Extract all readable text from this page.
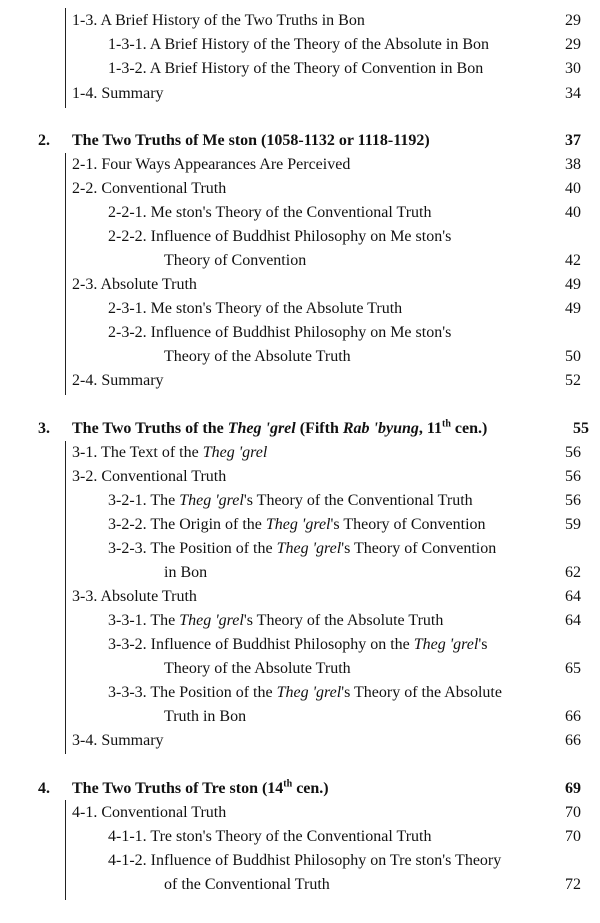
1-3. A Brief History of the Two Truths in Bon	29
1-3-1. A Brief History of the Theory of the Absolute in Bon	29
1-3-2. A Brief History of the Theory of Convention in Bon	30
1-4. Summary	34
2. The Two Truths of Me ston (1058-1132 or 1118-1192)	37
2-1. Four Ways Appearances Are Perceived	38
2-2. Conventional Truth	40
2-2-1. Me ston's Theory of the Conventional Truth	40
2-2-2. Influence of Buddhist Philosophy on Me ston's
Theory of Convention	42
2-3. Absolute Truth	49
2-3-1. Me ston's Theory of the Absolute Truth	49
2-3-2. Influence of Buddhist Philosophy on Me ston's
Theory of the Absolute Truth	50
2-4. Summary	52
3. The Two Truths of the Theg 'grel (Fifth Rab 'byung, 11th cen.)	55
3-1. The Text of the Theg 'grel	56
3-2. Conventional Truth	56
3-2-1. The Theg 'grel's Theory of the Conventional Truth	56
3-2-2. The Origin of the Theg 'grel's Theory of Convention	59
3-2-3. The Position of the Theg 'grel's Theory of Convention
in Bon	62
3-3. Absolute Truth	64
3-3-1. The Theg 'grel's Theory of the Absolute Truth	64
3-3-2. Influence of Buddhist Philosophy on the Theg 'grel's
Theory of the Absolute Truth	65
3-3-3. The Position of the Theg 'grel's Theory of the Absolute
Truth in Bon	66
3-4. Summary	66
4. The Two Truths of Tre ston (14th cen.)	69
4-1. Conventional Truth	70
4-1-1. Tre ston's Theory of the Conventional Truth	70
4-1-2. Influence of Buddhist Philosophy on Tre ston's Theory
of the Conventional Truth	72
